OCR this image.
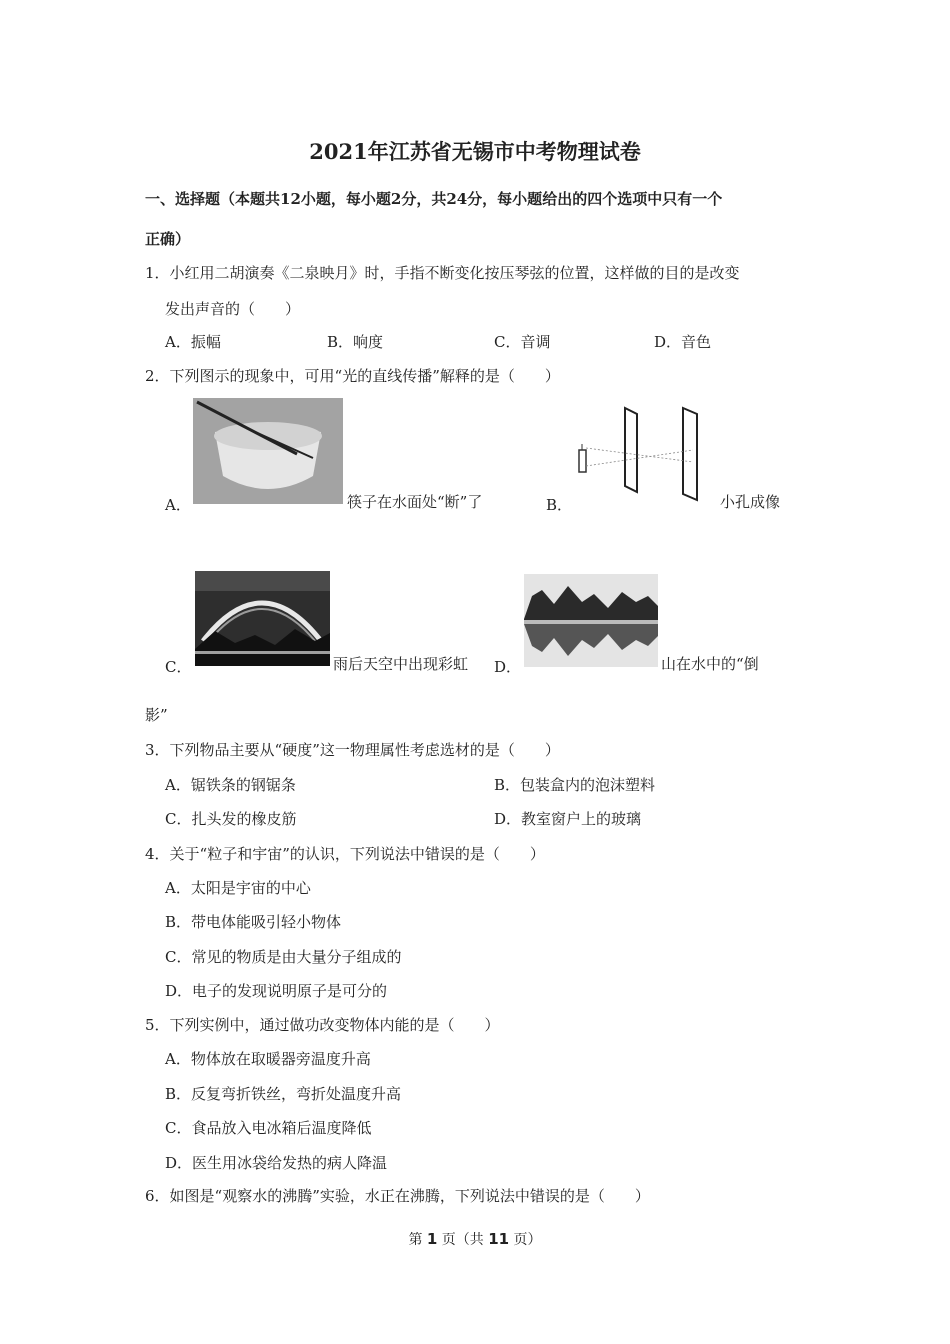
2021年江苏省无锡市中考物理试卷
一、选择题（本题共12小题，每小题2分，共24分，每小题给出的四个选项中只有一个
正确）
1．小红用二胡演奏《二泉映月》时，手指不断变化按压琴弦的位置，这样做的目的是改变
发出声音的（　　）
A．振幅	B．响度	C．音调	D．音色
2．下列图示的现象中，可用“光的直线传播”解释的是（　　）
A．	筷子在水面处“断”了	B．	小孔成像
C．	雨后天空中出现彩虹 D．	山在水中的“倒
影”
3．下列物品主要从“硬度”这一物理属性考虑选材的是（　　）
A．锯铁条的钢锯条	B．包装盒内的泡沫塑料
C．扎头发的橡皮筋	D．教室窗户上的玻璃
4．关于“粒子和宇宙”的认识，下列说法中错误的是（　　）
A．太阳是宇宙的中心
B．带电体能吸引轻小物体
C．常见的物质是由大量分子组成的
D．电子的发现说明原子是可分的
5．下列实例中，通过做功改变物体内能的是（　　）
A．物体放在取暖器旁温度升高
B．反复弯折铁丝，弯折处温度升高
C．食品放入电冰箱后温度降低
D．医生用冰袋给发热的病人降温
6．如图是“观察水的沸腾”实验，水正在沸腾，下列说法中错误的是（　　）
第 1 页（共 11 页）
